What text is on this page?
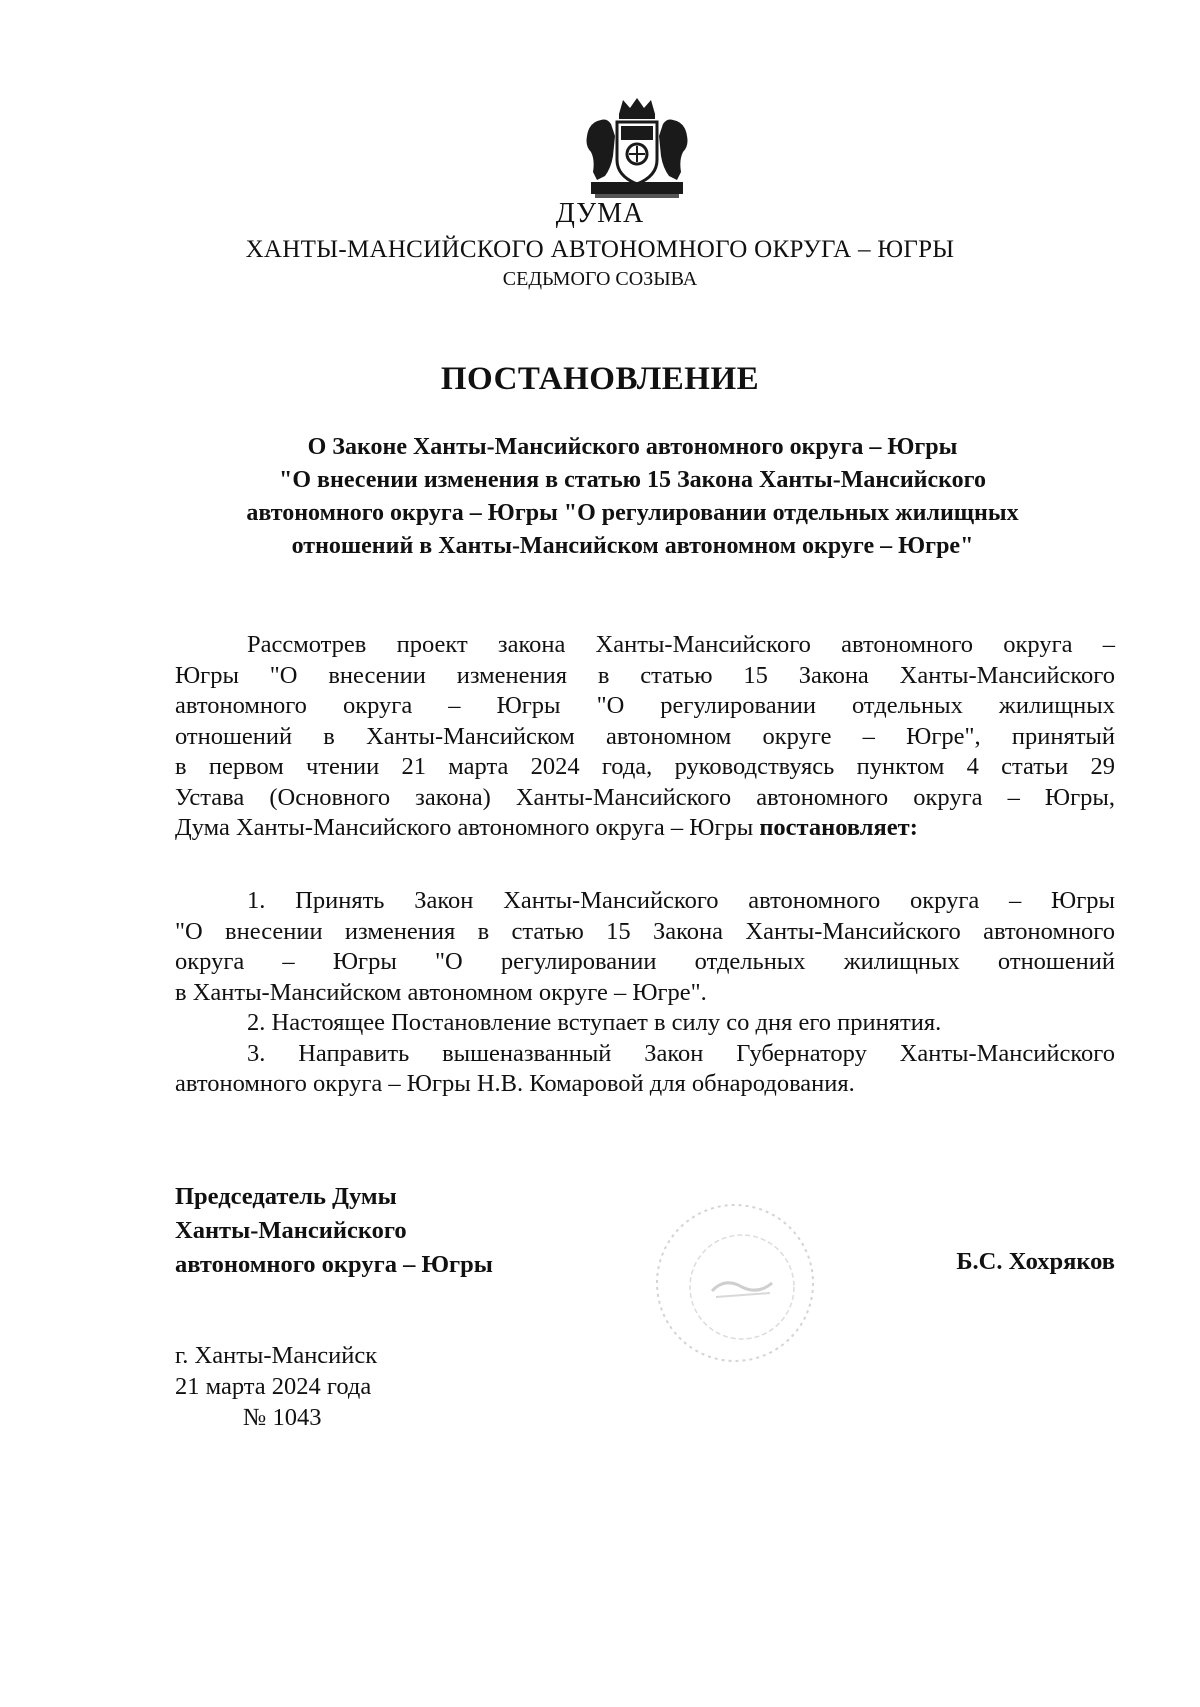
ДУМА
ХАНТЫ-МАНСИЙСКОГО АВТОНОМНОГО ОКРУГА – ЮГРЫ
СЕДЬМОГО СОЗЫВА
ПОСТАНОВЛЕНИЕ
О Законе Ханты-Мансийского автономного округа – Югры
"О внесении изменения в статью 15 Закона Ханты-Мансийского
автономного округа – Югры "О регулировании отдельных жилищных
отношений в Ханты-Мансийском автономном округе – Югре"
Рассмотрев проект закона Ханты-Мансийского автономного округа –
Югры "О внесении изменения в статью 15 Закона Ханты-Мансийского
автономного округа – Югры "О регулировании отдельных жилищных
отношений в Ханты-Мансийском автономном округе – Югре", принятый
в первом чтении 21 марта 2024 года, руководствуясь пунктом 4 статьи 29
Устава (Основного закона) Ханты-Мансийского автономного округа – Югры,
Дума Ханты-Мансийского автономного округа – Югры постановляет:
1. Принять Закон Ханты-Мансийского автономного округа – Югры
"О внесении изменения в статью 15 Закона Ханты-Мансийского автономного
округа – Югры "О регулировании отдельных жилищных отношений
в Ханты-Мансийском автономном округе – Югре".
2. Настоящее Постановление вступает в силу со дня его принятия.
3. Направить вышеназванный Закон Губернатору Ханты-Мансийского
автономного округа – Югры Н.В. Комаровой для обнародования.
Председатель Думы
Ханты-Мансийского
автономного округа – Югры	Б.С. Хохряков
г. Ханты-Мансийск
21 марта 2024 года
№ 1043
